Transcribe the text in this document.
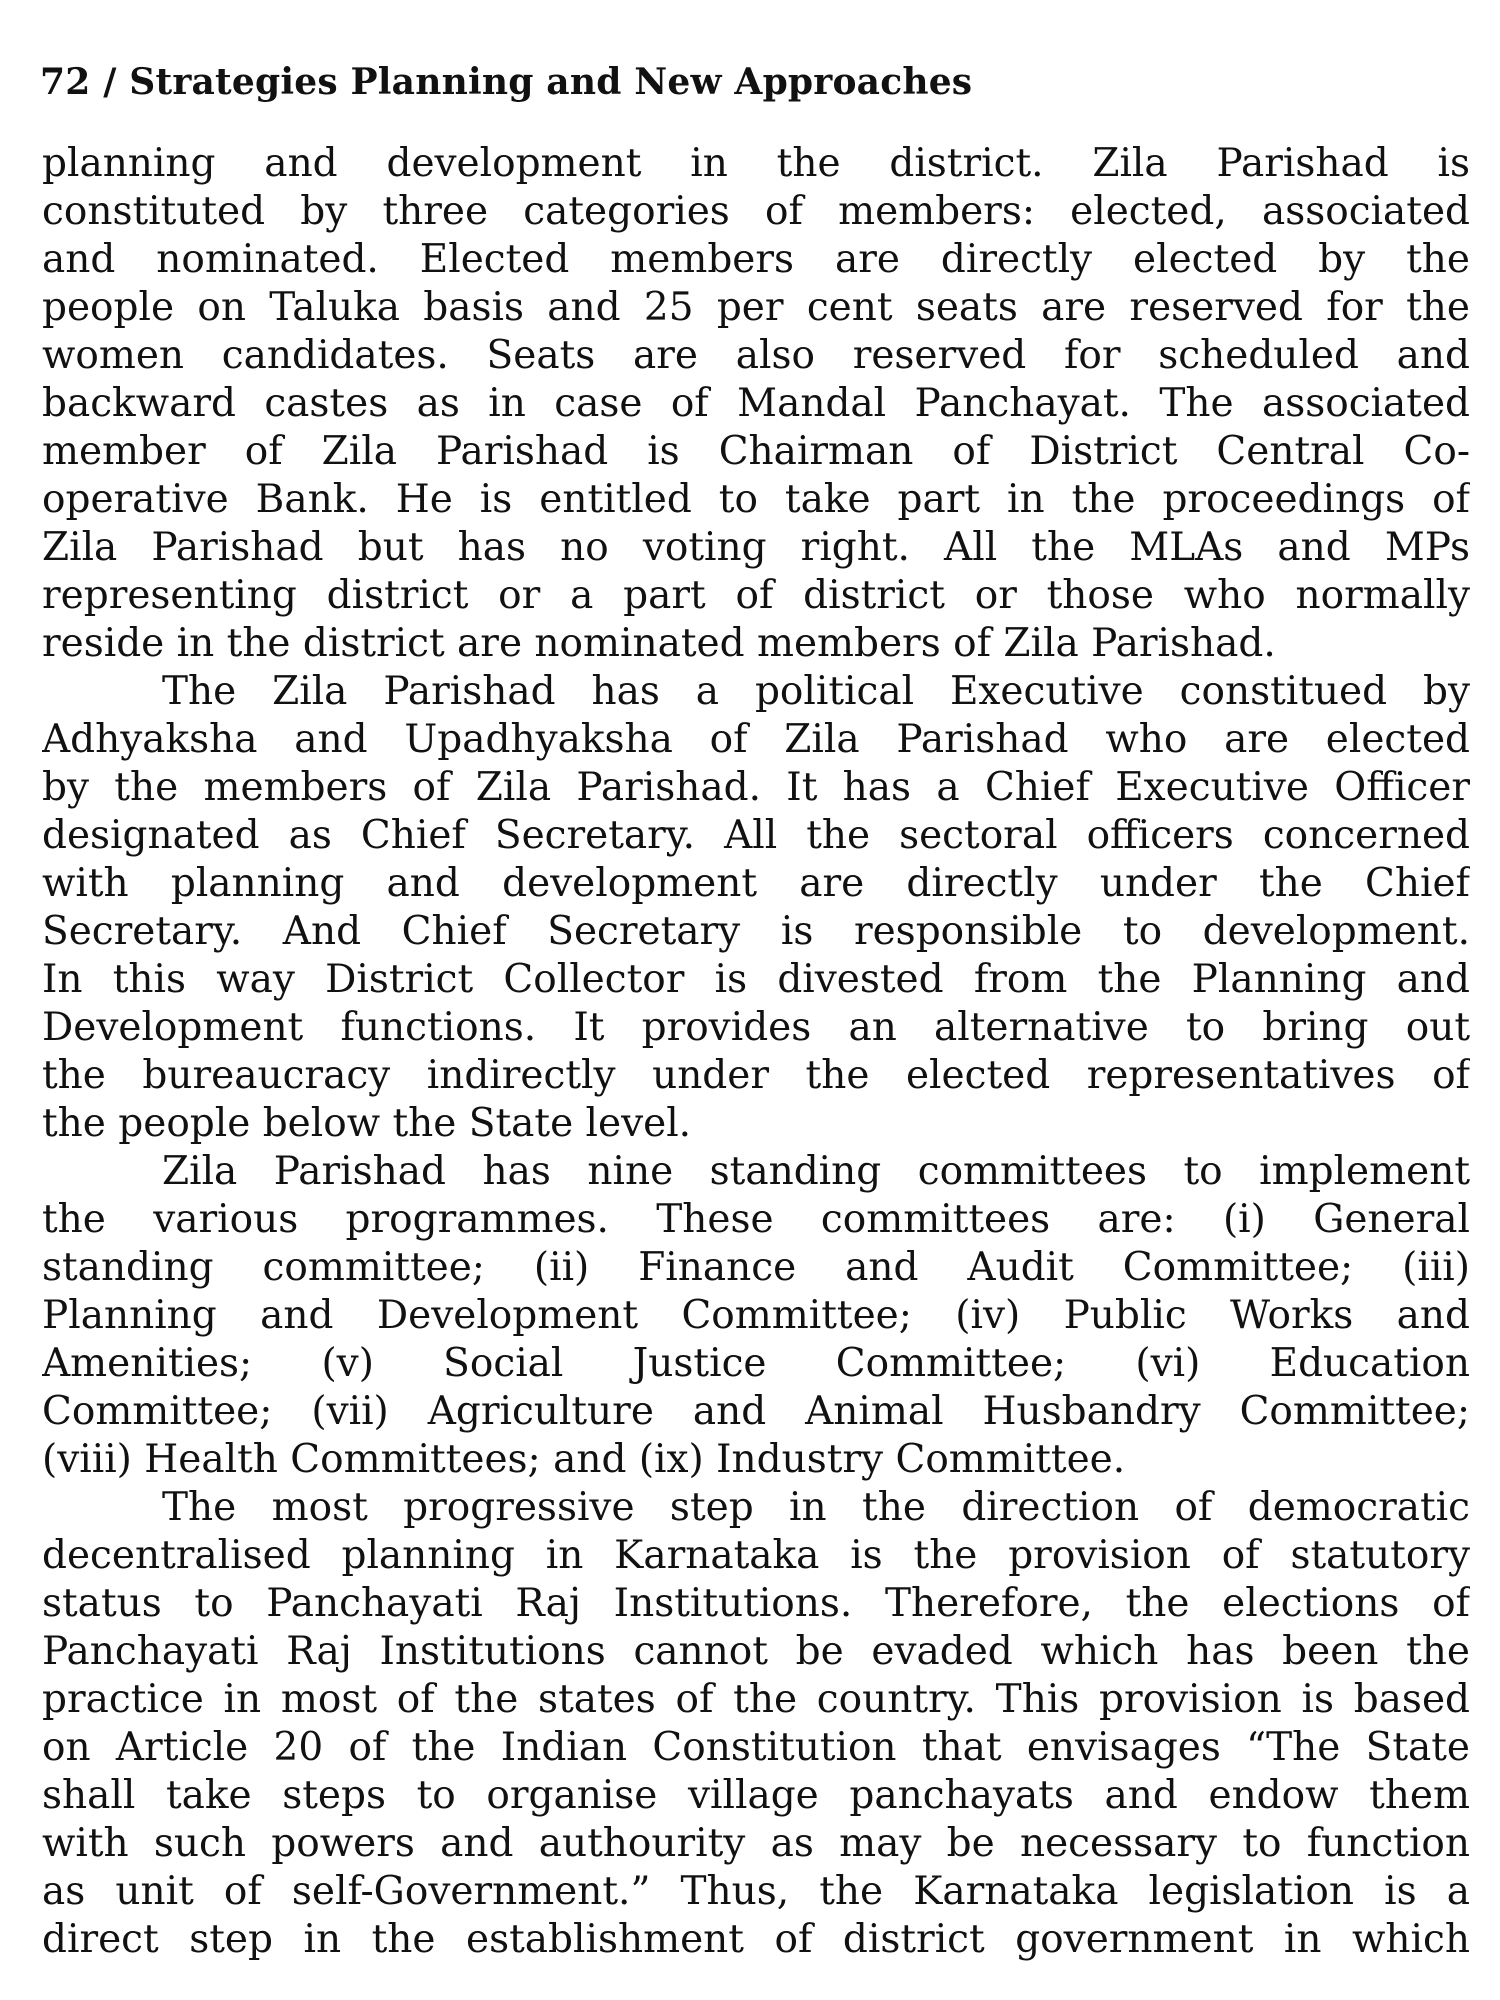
72 / Strategies Planning and New Approaches
planning and development in the district. Zila Parishad is
constituted by three categories of members: elected, associated
and nominated. Elected members are directly elected by the
people on Taluka basis and 25 per cent seats are reserved for the
women candidates. Seats are also reserved for scheduled and
backward castes as in case of Mandal Panchayat. The associated
member of Zila Parishad is Chairman of District Central Co-
operative Bank. He is entitled to take part in the proceedings of
Zila Parishad but has no voting right. All the MLAs and MPs
representing district or a part of district or those who normally
reside in the district are nominated members of Zila Parishad.
The Zila Parishad has a political Executive constitued by
Adhyaksha and Upadhyaksha of Zila Parishad who are elected
by the members of Zila Parishad. It has a Chief Executive Officer
designated as Chief Secretary. All the sectoral officers concerned
with planning and development are directly under the Chief
Secretary. And Chief Secretary is responsible to development.
In this way District Collector is divested from the Planning and
Development functions. It provides an alternative to bring out
the bureaucracy indirectly under the elected representatives of
the people below the State level.
Zila Parishad has nine standing committees to implement
the various programmes. These committees are: (i) General
standing committee; (ii) Finance and Audit Committee; (iii)
Planning and Development Committee; (iv) Public Works and
Amenities; (v) Social Justice Committee; (vi) Education
Committee; (vii) Agriculture and Animal Husbandry Committee;
(viii) Health Committees; and (ix) Industry Committee.
The most progressive step in the direction of democratic
decentralised planning in Karnataka is the provision of statutory
status to Panchayati Raj Institutions. Therefore, the elections of
Panchayati Raj Institutions cannot be evaded which has been the
practice in most of the states of the country. This provision is based
on Article 20 of the Indian Constitution that envisages “The State
shall take steps to organise village panchayats and endow them
with such powers and authourity as may be necessary to function
as unit of self-Government.” Thus, the Karnataka legislation is a
direct step in the establishment of district government in which
